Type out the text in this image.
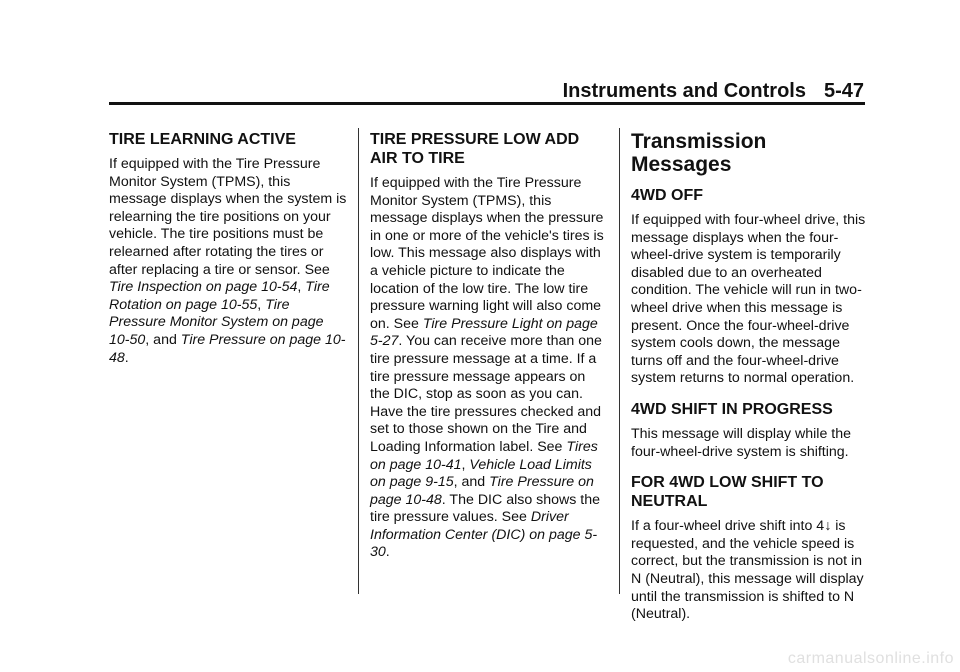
Instruments and Controls 5-47
TIRE LEARNING ACTIVE

If equipped with the Tire Pressure Monitor System (TPMS), this message displays when the system is relearning the tire positions on your vehicle. The tire positions must be relearned after rotating the tires or after replacing a tire or sensor. See Tire Inspection on page 10-54, Tire Rotation on page 10-55, Tire Pressure Monitor System on page 10-50, and Tire Pressure on page 10-48.

TIRE PRESSURE LOW ADD AIR TO TIRE

If equipped with the Tire Pressure Monitor System (TPMS), this message displays when the pressure in one or more of the vehicle's tires is low. This message also displays with a vehicle picture to indicate the location of the low tire. The low tire pressure warning light will also come on. See Tire Pressure Light on page 5-27. You can receive more than one tire pressure message at a time. If a tire pressure message appears on the DIC, stop as soon as you can. Have the tire pressures checked and set to those shown on the Tire and Loading Information label. See Tires on page 10-41, Vehicle Load Limits on page 9-15, and Tire Pressure on page 10-48. The DIC also shows the tire pressure values. See Driver Information Center (DIC) on page 5-30.

Transmission Messages
4WD OFF

If equipped with four-wheel drive, this message displays when the four-wheel-drive system is temporarily disabled due to an overheated condition. The vehicle will run in two-wheel drive when this message is present. Once the four-wheel-drive system cools down, the message turns off and the four-wheel-drive system returns to normal operation.

4WD SHIFT IN PROGRESS

This message will display while the four-wheel-drive system is shifting.

FOR 4WD LOW SHIFT TO NEUTRAL

If a four-wheel drive shift into 4↓ is requested, and the vehicle speed is correct, but the transmission is not in N (Neutral), this message will display until the transmission is shifted to N (Neutral).

carmanualsonline.info
